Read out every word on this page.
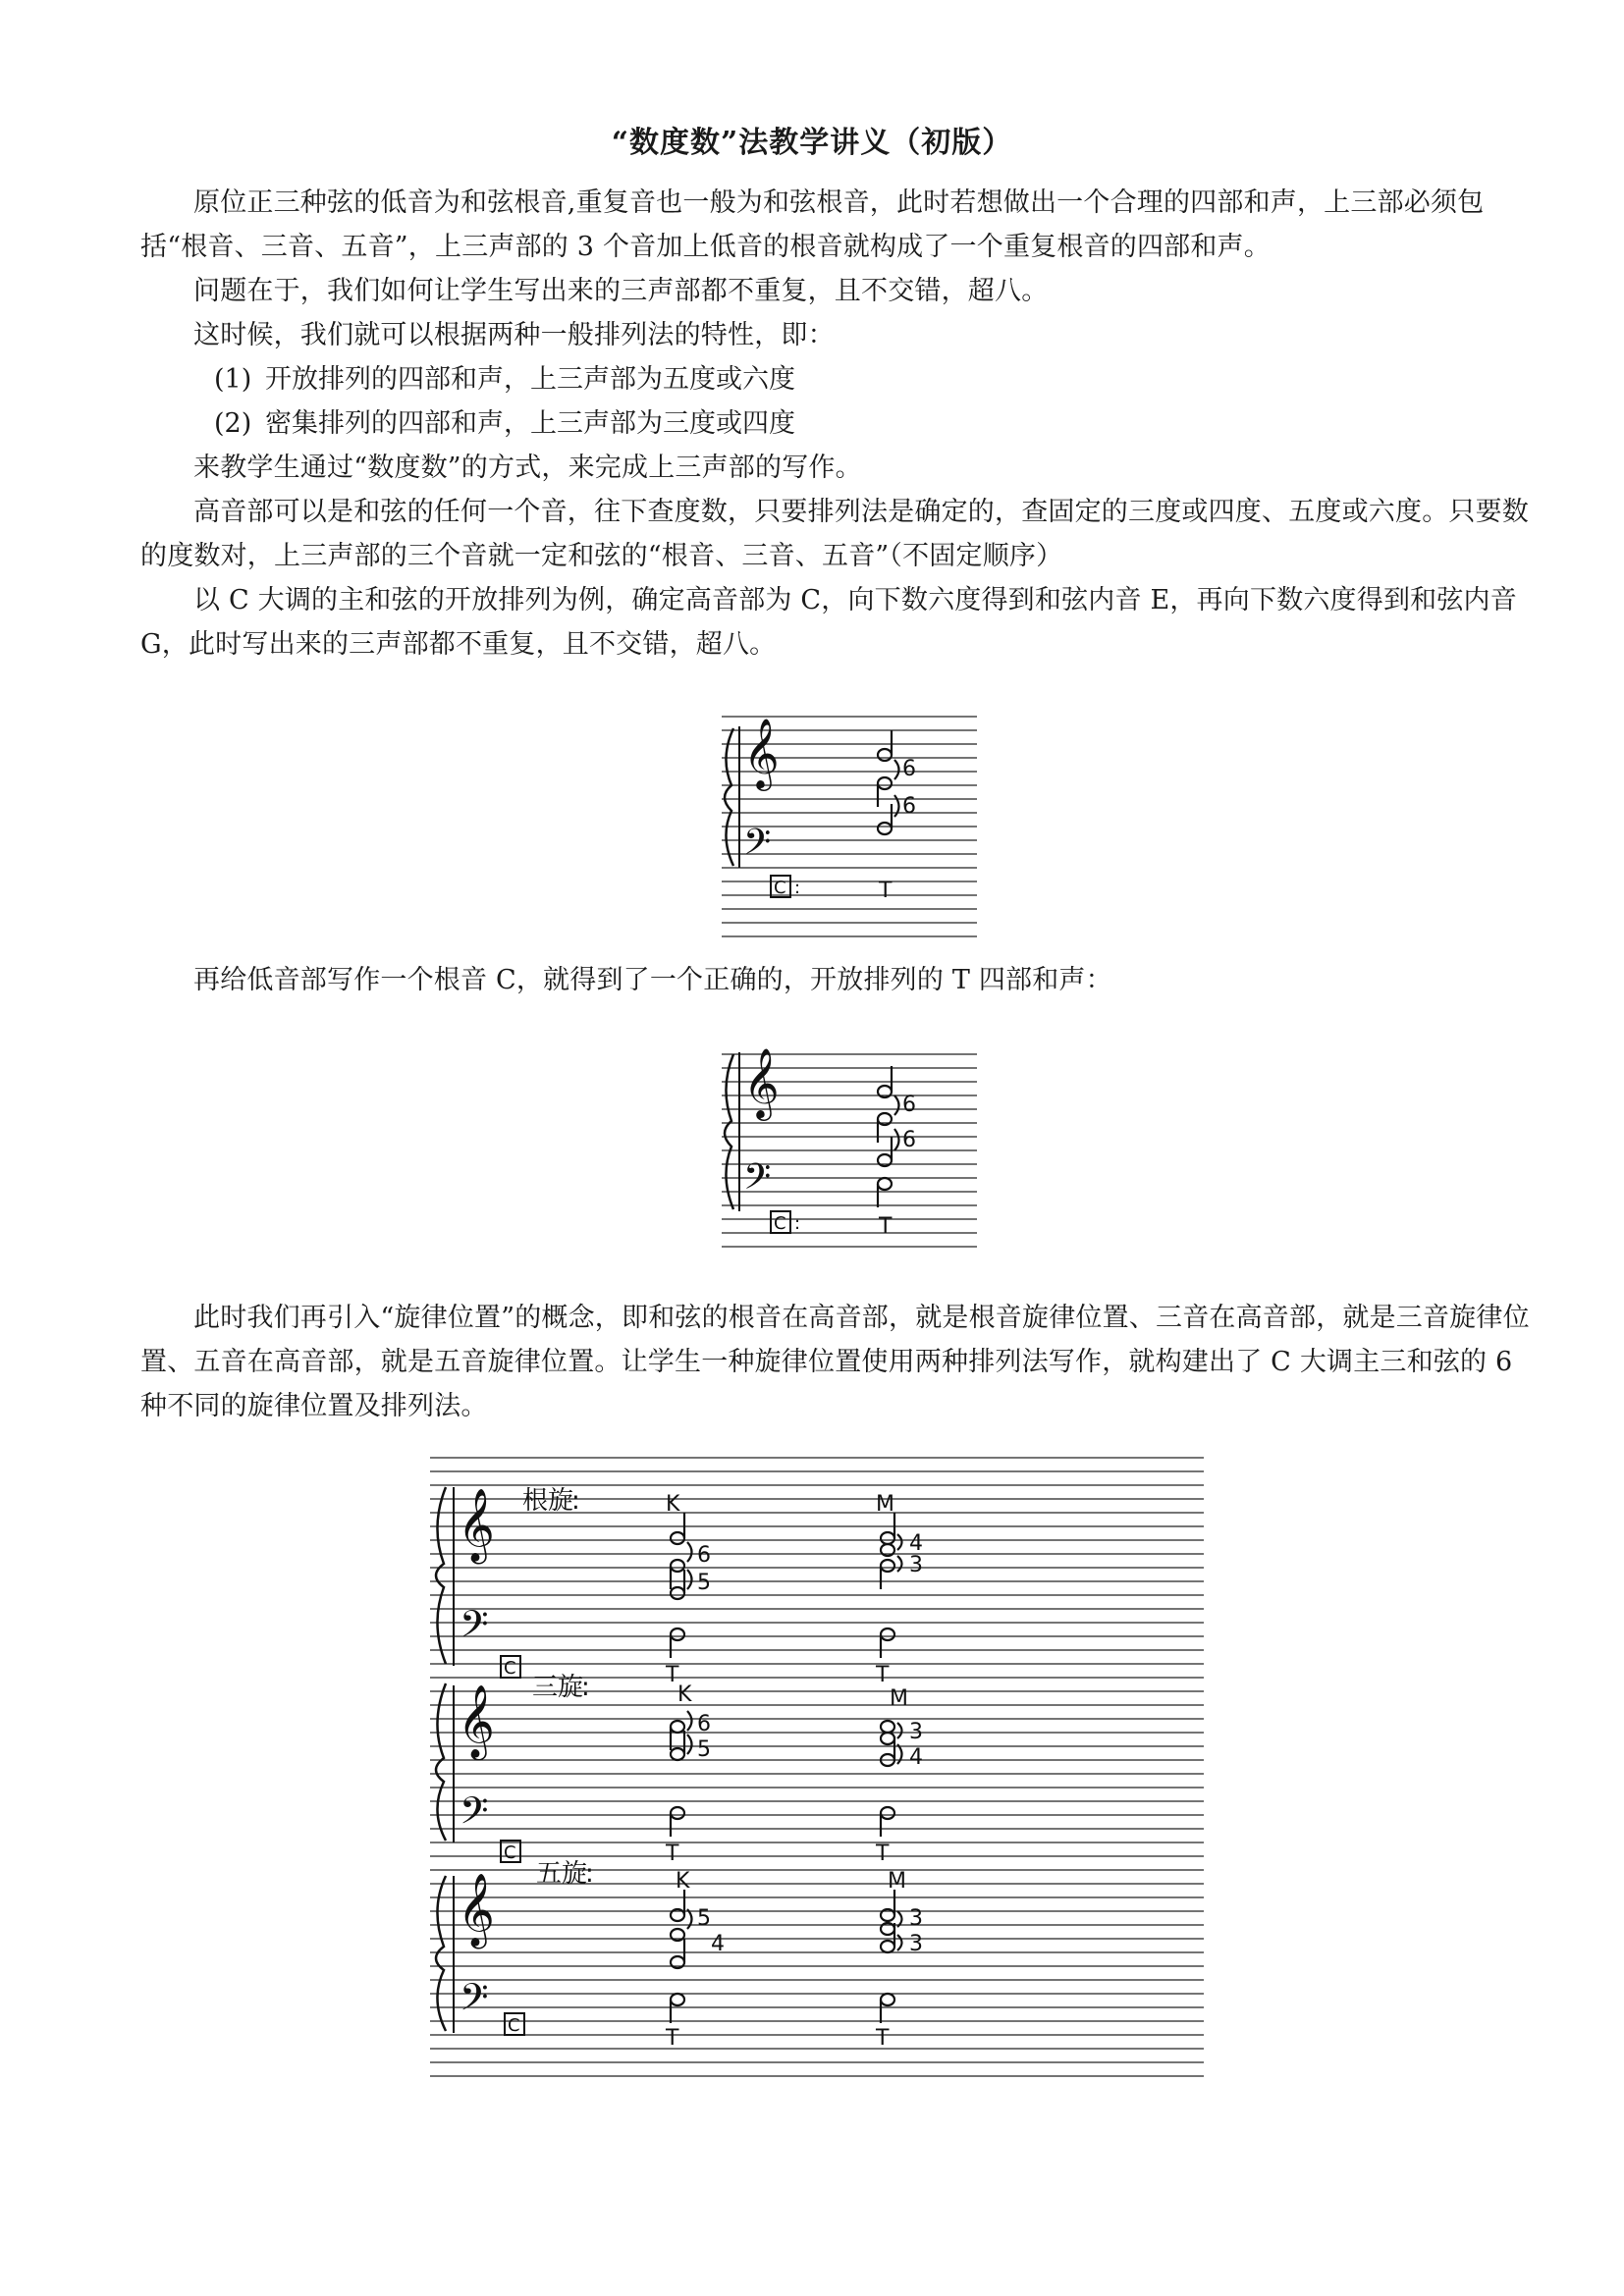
“数度数”法教学讲义（初版）

原位正三种弦的低音为和弦根音,重复音也一般为和弦根音，此时若想做出一个合理的四部和声，上三部必须包括“根音、三音、五音”，上三声部的 3 个音加上低音的根音就构成了一个重复根音的四部和声。

问题在于，我们如何让学生写出来的三声部都不重复，且不交错，超八。

这时候，我们就可以根据两种一般排列法的特性，即：

(1) 开放排列的四部和声，上三声部为五度或六度
(2) 密集排列的四部和声，上三声部为三度或四度

来教学生通过“数度数”的方式，来完成上三声部的写作。

高音部可以是和弦的任何一个音，往下查度数，只要排列法是确定的，查固定的三度或四度、五度或六度。只要数的度数对，上三声部的三个音就一定和弦的“根音、三音、五音”（不固定顺序）

以 C 大调的主和弦的开放排列为例，确定高音部为 C，向下数六度得到和弦内音 E，再向下数六度得到和弦内音 G，此时写出来的三声部都不重复，且不交错，超八。

𝄞
𝄢
6
6
C :	T

再给低音部写作一个根音 C，就得到了一个正确的，开放排列的 T 四部和声：

𝄞
𝄢
6
6
C :	T

此时我们再引入“旋律位置”的概念，即和弦的根音在高音部，就是根音旋律位置、三音在高音部，就是三音旋律位置、五音在高音部，就是五音旋律位置。让学生一种旋律位置使用两种排列法写作，就构建出了 C 大调主三和弦的 6 种不同的旋律位置及排列法。

𝄞
𝄢
根旋
:	K	M
6
5
4
3
C	T	T
𝄞
𝄢
三旋
:	K	M
6
5
3
4
C	T	T
𝄞
𝄢
五旋
:	K	M
5
4
3
3
C
T	T
